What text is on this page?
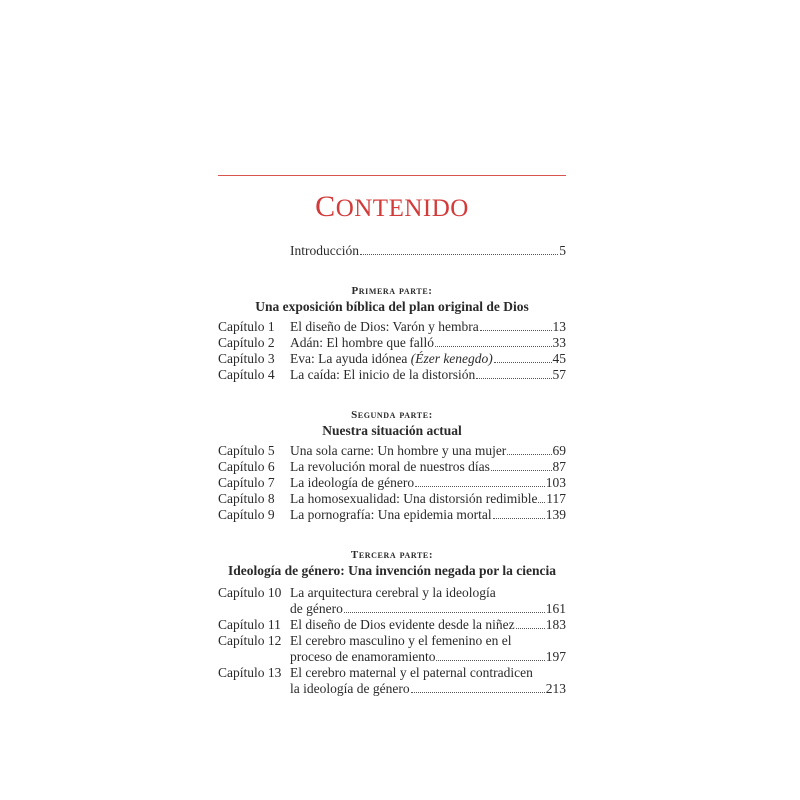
CONTENIDO
Introducción	5
Primera parte:
Una exposición bíblica del plan original de Dios
Capítulo 1	El diseño de Dios: Varón y hembra	13
Capítulo 2	Adán: El hombre que falló	33
Capítulo 3	Eva: La ayuda idónea (Ézer kenegdo)	45
Capítulo 4	La caída: El inicio de la distorsión	57
Segunda parte:
Nuestra situación actual
Capítulo 5	Una sola carne: Un hombre y una mujer	69
Capítulo 6	La revolución moral de nuestros días	87
Capítulo 7	La ideología de género	103
Capítulo 8	La homosexualidad: Una distorsión redimible 117
Capítulo 9	La pornografía: Una epidemia mortal	139
Tercera parte:
Ideología de género: Una invención negada por la ciencia
Capítulo 10 La arquitectura cerebral y la ideología
de género	161
Capítulo 11 El diseño de Dios evidente desde la niñez 183
Capítulo 12 El cerebro masculino y el femenino en el
proceso de enamoramiento	197
Capítulo 13 El cerebro maternal y el paternal contradicen
la ideología de género	213
